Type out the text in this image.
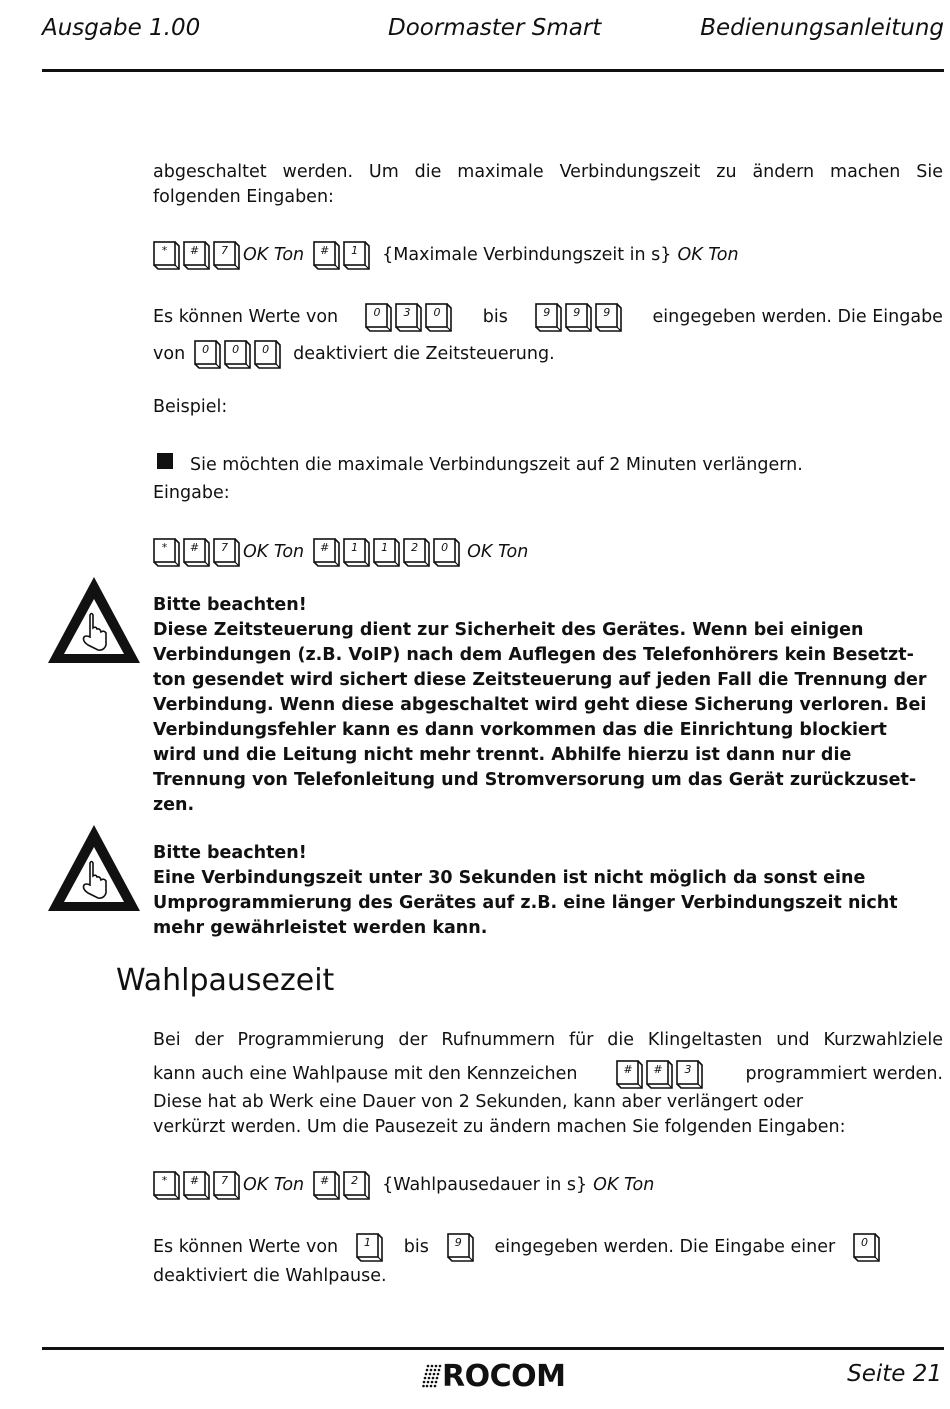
Ausgabe 1.00	Doormaster Smart	Bedienungsanleitung
abgeschaltet werden. Um die maximale Verbindungszeit zu ändern machen Sie
folgenden Eingaben:
*	#	7 OK Ton	#	1	{Maximale Verbindungszeit in s} OK Ton
Es können Werte von	0	3	0	bis	9	9	9	eingegeben werden. Die Eingabe
von	0	0	0	deaktiviert die Zeitsteuerung.
Beispiel:
Sie möchten die maximale Verbindungszeit auf 2 Minuten verlängern.
Eingabe:
*	#	7 OK Ton	#	1	1	2	0	OK Ton
Bitte beachten!
Diese Zeitsteuerung dient zur Sicherheit des Gerätes. Wenn bei einigen
Verbindungen (z.B. VoIP) nach dem Auflegen des Telefonhörers kein Besetzt-
ton gesendet wird sichert diese Zeitsteuerung auf jeden Fall die Trennung der
Verbindung. Wenn diese abgeschaltet wird geht diese Sicherung verloren. Bei
Verbindungsfehler kann es dann vorkommen das die Einrichtung blockiert
wird und die Leitung nicht mehr trennt. Abhilfe hierzu ist dann nur die
Trennung von Telefonleitung und Stromversorung um das Gerät zurückzuset-
zen.
Bitte beachten!
Eine Verbindungszeit unter 30 Sekunden ist nicht möglich da sonst eine
Umprogrammierung des Gerätes auf z.B. eine länger Verbindungszeit nicht
mehr gewährleistet werden kann.
Wahlpausezeit
Bei der Programmierung der Rufnummern für die Klingeltasten und Kurzwahlziele
kann auch eine Wahlpause mit den Kennzeichen	#	#	3	programmiert werden.
Diese hat ab Werk eine Dauer von 2 Sekunden, kann aber verlängert oder
verkürzt werden. Um die Pausezeit zu ändern machen Sie folgenden Eingaben:
*	#	7 OK Ton	#	2	{Wahlpausedauer in s} OK Ton
Es können Werte von	1	bis	9	eingegeben werden. Die Eingabe einer	0
deaktiviert die Wahlpause.
ROCOM	Seite 21
